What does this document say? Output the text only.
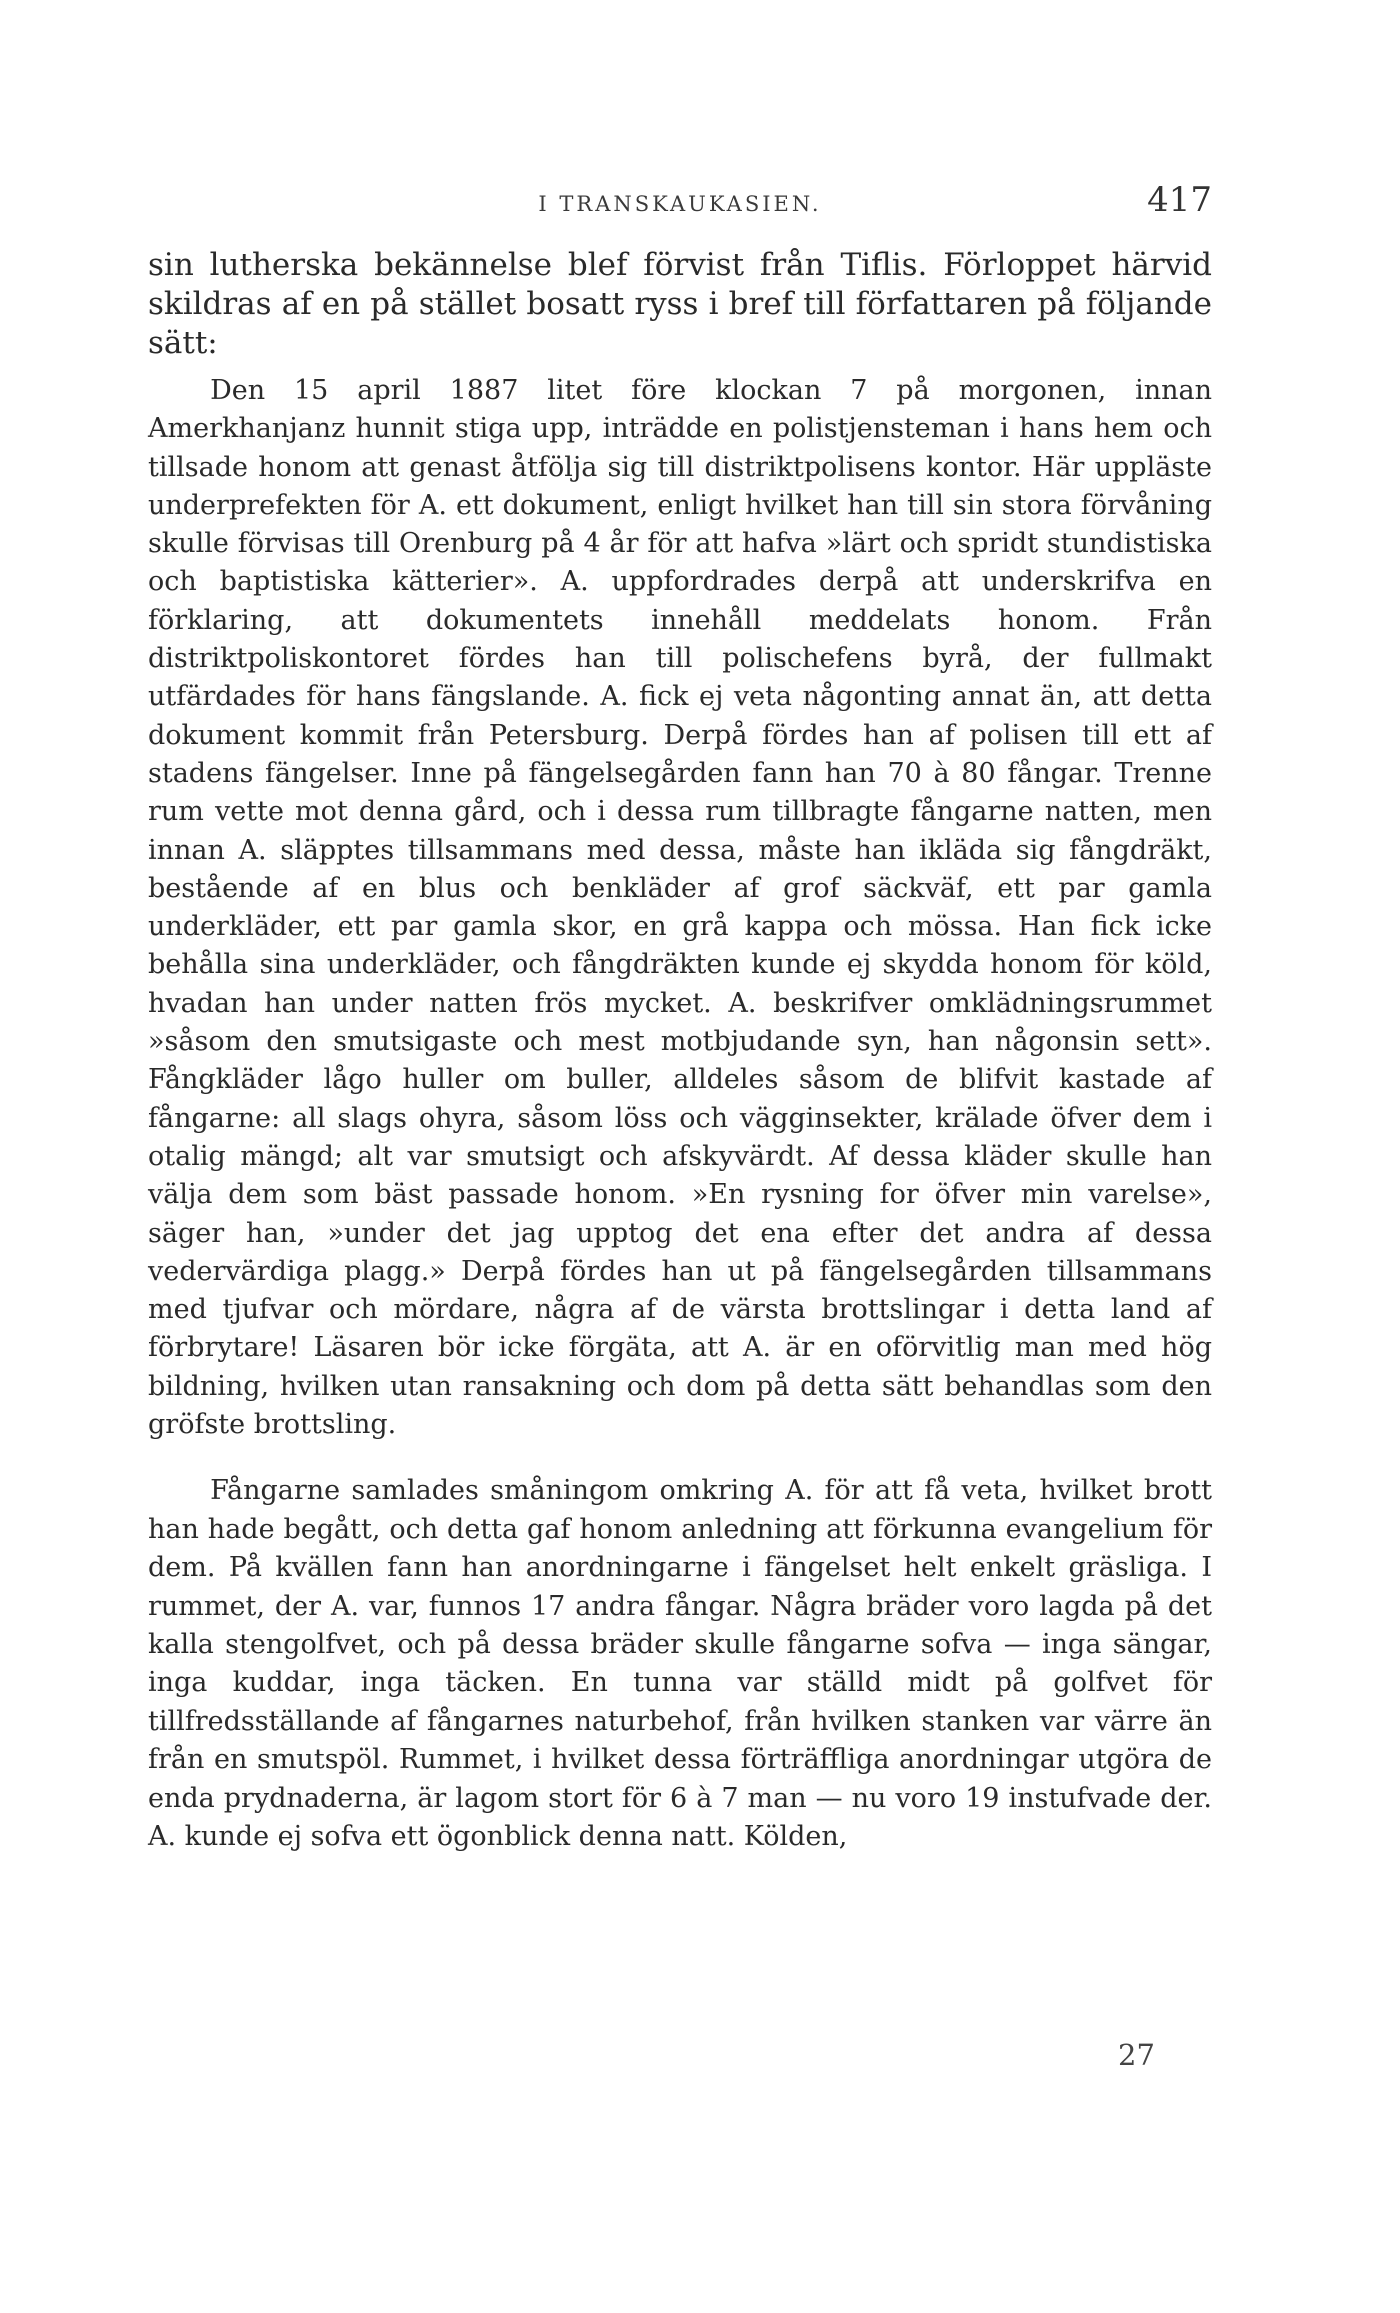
I TRANSKAUKASIEN.	417

sin lutherska bekännelse blef förvist från Tiflis. Förloppet härvid skildras af en på stället bosatt ryss i bref till författaren på följande sätt:

Den 15 april 1887 litet före klockan 7 på morgonen, innan Amerkhanjanz hunnit stiga upp, inträdde en polistjensteman i hans hem och tillsade honom att genast åtfölja sig till distriktpolisens kontor. Här uppläste underprefekten för A. ett dokument, enligt hvilket han till sin stora förvåning skulle förvisas till Orenburg på 4 år för att hafva »lärt och spridt stundistiska och baptistiska kätterier». A. uppfordrades derpå att underskrifva en förklaring, att dokumentets innehåll meddelats honom. Från distriktpoliskontoret fördes han till polischefens byrå, der fullmakt utfärdades för hans fängslande. A. fick ej veta någonting annat än, att detta dokument kommit från Petersburg. Derpå fördes han af polisen till ett af stadens fängelser. Inne på fängelsegården fann han 70 à 80 fångar. Trenne rum vette mot denna gård, och i dessa rum tillbragte fångarne natten, men innan A. släpptes tillsammans med dessa, måste han ikläda sig fångdräkt, bestående af en blus och benkläder af grof säckväf, ett par gamla underkläder, ett par gamla skor, en grå kappa och mössa. Han fick icke behålla sina underkläder, och fångdräkten kunde ej skydda honom för köld, hvadan han under natten frös mycket. A. beskrifver omklädningsrummet »såsom den smutsigaste och mest motbjudande syn, han någonsin sett». Fångkläder lågo huller om buller, alldeles såsom de blifvit kastade af fångarne: all slags ohyra, såsom löss och vägginsekter, krälade öfver dem i otalig mängd; alt var smutsigt och afskyvärdt. Af dessa kläder skulle han välja dem som bäst passade honom. »En rysning for öfver min varelse», säger han, »under det jag upptog det ena efter det andra af dessa vedervärdiga plagg.» Derpå fördes han ut på fängelsegården tillsammans med tjufvar och mördare, några af de värsta brottslingar i detta land af förbrytare! Läsaren bör icke förgäta, att A. är en oförvitlig man med hög bildning, hvilken utan ransakning och dom på detta sätt behandlas som den gröfste brottsling.

Fångarne samlades småningom omkring A. för att få veta, hvilket brott han hade begått, och detta gaf honom anledning att förkunna evangelium för dem. På kvällen fann han anordningarne i fängelset helt enkelt gräsliga. I rummet, der A. var, funnos 17 andra fångar. Några bräder voro lagda på det kalla stengolfvet, och på dessa bräder skulle fångarne sofva — inga sängar, inga kuddar, inga täcken. En tunna var ställd midt på golfvet för tillfredsställande af fångarnes naturbehof, från hvilken stanken var värre än från en smutspöl. Rummet, i hvilket dessa förträffliga anordningar utgöra de enda prydnaderna, är lagom stort för 6 à 7 man — nu voro 19 instufvade der. A. kunde ej sofva ett ögonblick denna natt. Kölden,

27
